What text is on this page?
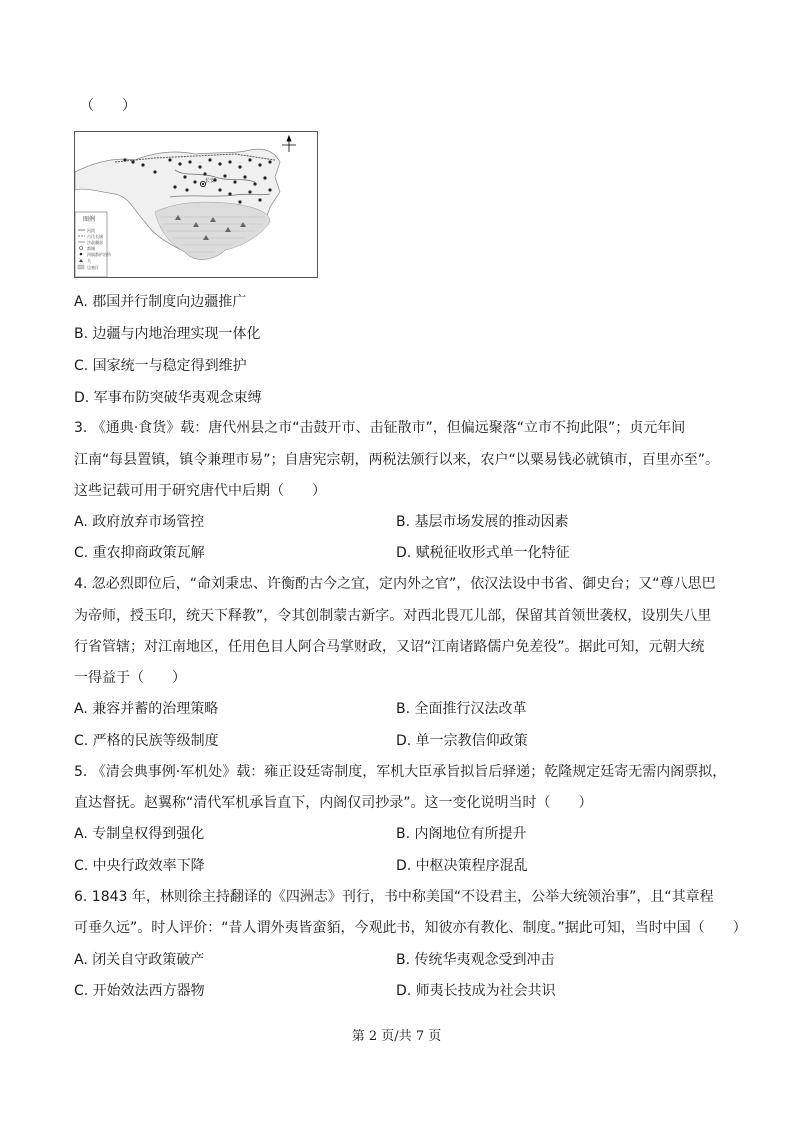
（　　）
图例
河流
古代长城
法政疆界
都城
四镇都护治所
关
边塞区
长安
A. 郡国并行制度向边疆推广
B. 边疆与内地治理实现一体化
C. 国家统一与稳定得到维护
D. 军事布防突破华夷观念束缚
3. 《通典·食货》载：唐代州县之市“击鼓开市、击钲散市”，但偏远聚落“立市不拘此限”；贞元年间
江南“每县置镇，镇令兼理市易”；自唐宪宗朝，两税法颁行以来，农户“以粟易钱必就镇市，百里亦至”。
这些记载可用于研究唐代中后期（　　）
A. 政府放弃市场管控	B. 基层市场发展的推动因素
C. 重农抑商政策瓦解	D. 赋税征收形式单一化特征
4. 忽必烈即位后，“命刘秉忠、许衡酌古今之宜，定内外之官”，依汉法设中书省、御史台；又“尊八思巴
为帝师，授玉印，统天下释教”，令其创制蒙古新字。对西北畏兀儿部，保留其首领世袭权，设別失八里
行省管辖；对江南地区，任用色目人阿合马掌财政，又诏“江南诸路儒户免差役”。据此可知，元朝大统
一得益于（　　）
A. 兼容并蓄的治理策略	B. 全面推行汉法改革
C. 严格的民族等级制度	D. 单一宗教信仰政策
5. 《清会典事例·军机处》载：雍正设廷寄制度，军机大臣承旨拟旨后驿递；乾隆规定廷寄无需内阁票拟，
直达督抚。赵翼称“清代军机承旨直下，内阁仅司抄录”。这一变化说明当时（　　）
A. 专制皇权得到强化	B. 内阁地位有所提升
C. 中央行政效率下降	D. 中枢决策程序混乱
6. 1843 年，林则徐主持翻译的《四洲志》刊行，书中称美国“不设君主，公举大统领治事”，且“其章程
可垂久远”。时人评价：“昔人谓外夷皆蛮貊，今观此书，知彼亦有教化、制度。”据此可知，当时中国（　　）
A. 闭关自守政策破产	B. 传统华夷观念受到冲击
C. 开始效法西方器物	D. 师夷长技成为社会共识
第 2 页/共 7 页
